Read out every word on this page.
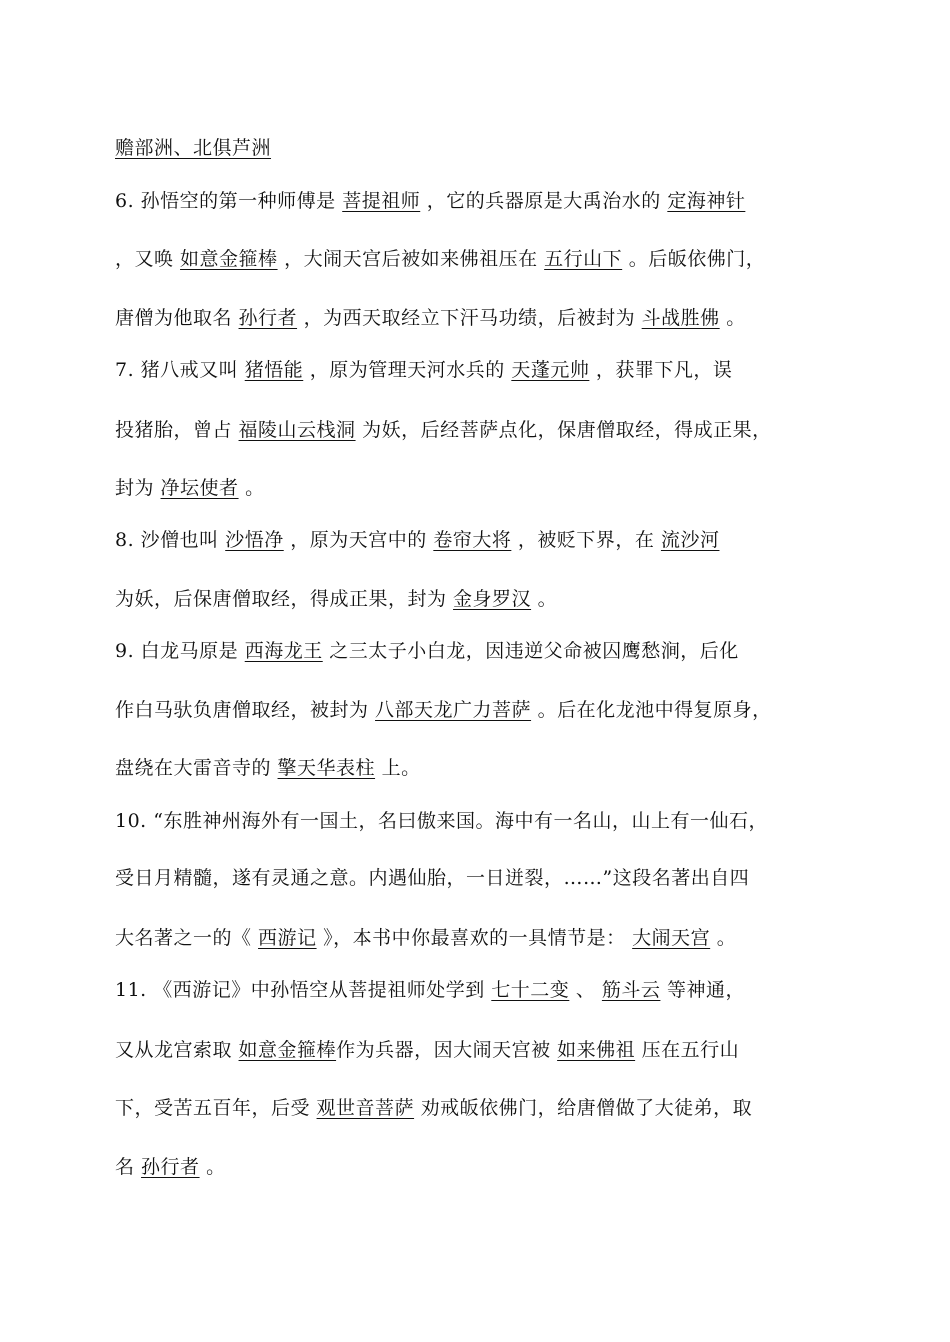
赡部洲、北俱芦洲
6. 孙悟空的第一种师傅是 菩提祖师 ，它的兵器原是大禹治水的 定海神针
，又唤 如意金箍棒 ，大闹天宫后被如来佛祖压在 五行山下 。后皈依佛门，
唐僧为他取名 孙行者 ，为西天取经立下汗马功绩，后被封为 斗战胜佛 。
7. 猪八戒又叫 猪悟能 ，原为管理天河水兵的 天蓬元帅 ，获罪下凡，误
投猪胎，曾占 福陵山云栈洞 为妖，后经菩萨点化，保唐僧取经，得成正果，
封为 净坛使者 。
8. 沙僧也叫 沙悟净 ，原为天宫中的 卷帘大将 ，被贬下界，在 流沙河
为妖，后保唐僧取经，得成正果，封为 金身罗汉 。
9. 白龙马原是 西海龙王 之三太子小白龙，因违逆父命被囚鹰愁涧，后化
作白马驮负唐僧取经，被封为 八部天龙广力菩萨 。后在化龙池中得复原身，
盘绕在大雷音寺的 擎天华表柱 上。
10. “东胜神州海外有一国土，名曰傲来国。海中有一名山，山上有一仙石，
受日月精髓，遂有灵通之意。内遇仙胎，一日迸裂，……”这段名著出自四
大名著之一的《 西游记 》，本书中你最喜欢的一具情节是： 大闹天宫 。
11. 《西游记》中孙悟空从菩提祖师处学到 七十二变 、 筋斗云 等神通，
又从龙宫索取 如意金箍棒作为兵器，因大闹天宫被 如来佛祖 压在五行山
下，受苦五百年，后受 观世音菩萨 劝戒皈依佛门，给唐僧做了大徒弟，取
名 孙行者 。
